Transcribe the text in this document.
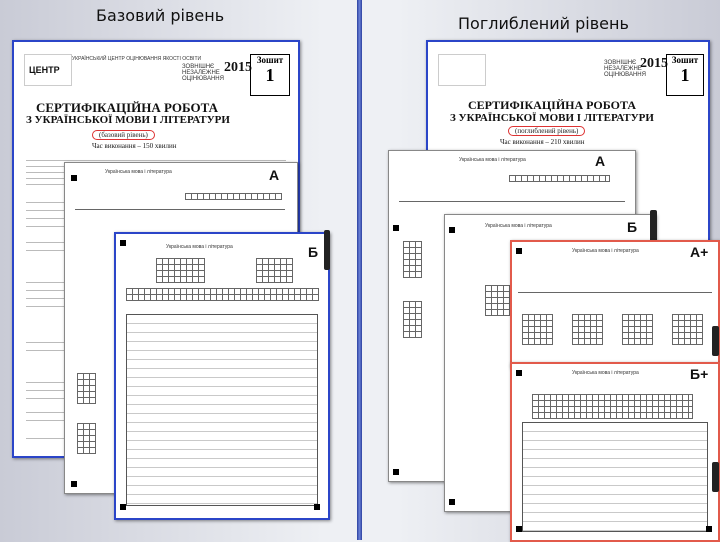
Базовий рівень
ЦЕНТР
УКРАЇНСЬКИЙ ЦЕНТР ОЦІНЮВАННЯ ЯКОСТІ ОСВІТИ
ЗОВНІШНЄ НЕЗАЛЕЖНЕ ОЦІНЮВАННЯ
2015 Зошит
1
СЕРТИФІКАЦІЙНА РОБОТА
З УКРАЇНСЬКОЇ МОВИ І ЛІТЕРАТУРИ
(базовий рівень)
Час виконання – 150 хвилин
Українська мова і література	А
Українська мова і література	Б
Поглиблений рівень
ЗОВНІШНЄ НЕЗАЛЕЖНЕ ОЦІНЮВАННЯ
2015 Зошит
1
СЕРТИФІКАЦІЙНА РОБОТА
З УКРАЇНСЬКОЇ МОВИ І ЛІТЕРАТУРИ
(поглиблений рівень)
Час виконання – 210 хвилин
Українська мова і література	А
Українська мова і література	Б
Українська мова і література	А+
Українська мова і література	Б+
